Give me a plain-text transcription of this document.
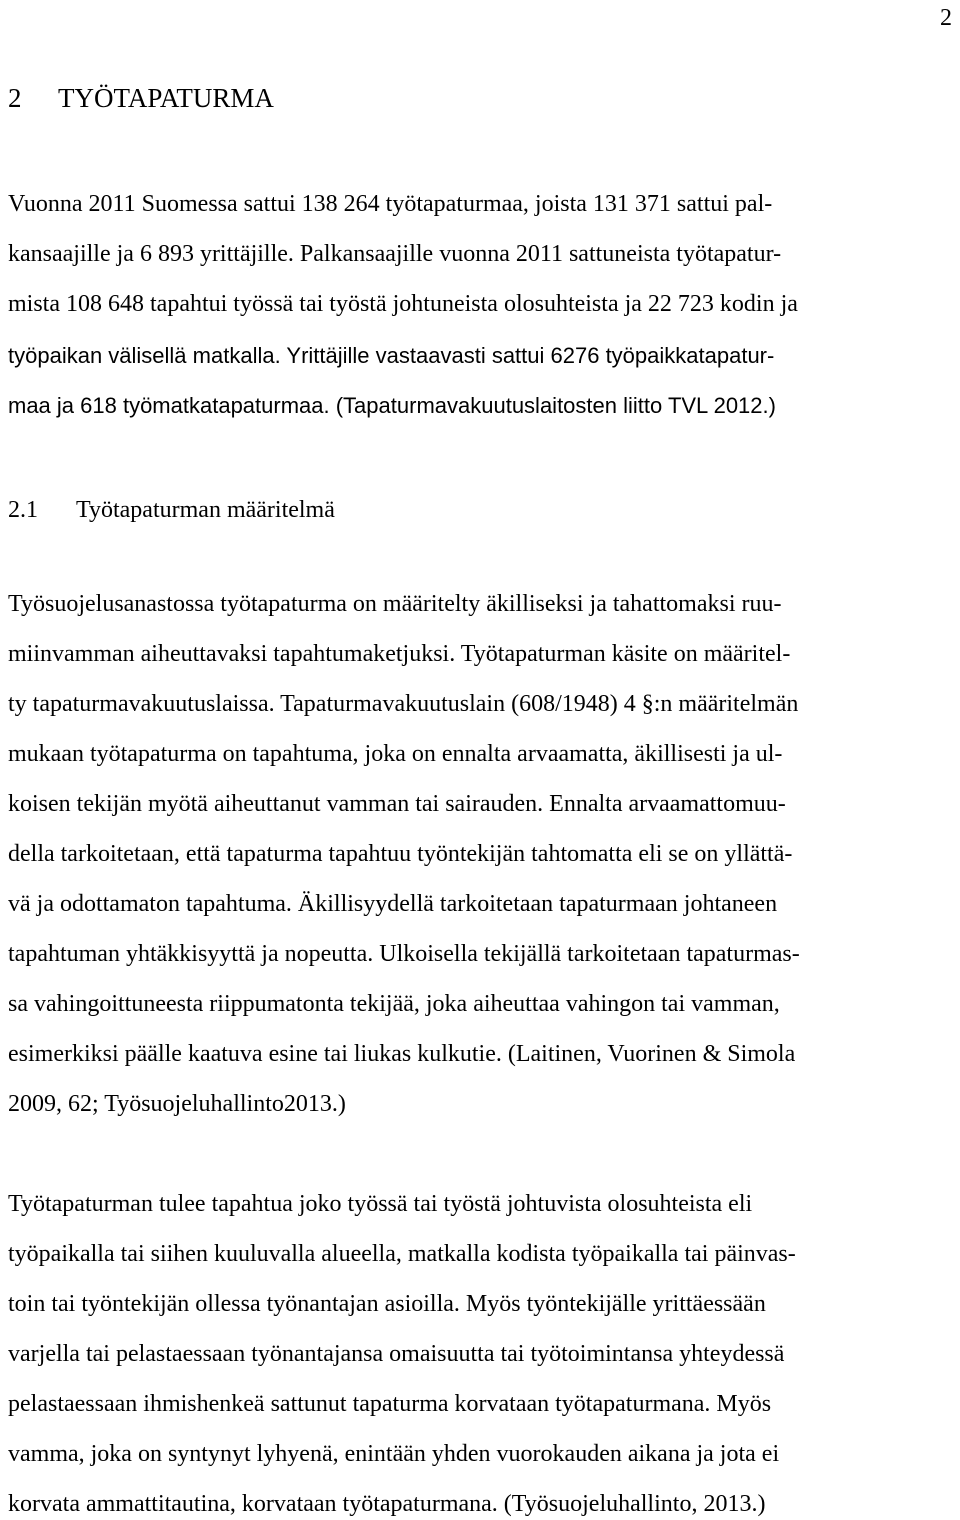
2
2 TYÖTAPATURMA
Vuonna 2011 Suomessa sattui 138 264 työtapaturmaa, joista 131 371 sattui pal-
kansaajille ja 6 893 yrittäjille. Palkansaajille vuonna 2011 sattuneista työtapatur-
mista 108 648 tapahtui työssä tai työstä johtuneista olosuhteista ja 22 723 kodin ja
työpaikan välisellä matkalla. Yrittäjille vastaavasti sattui 6276 työpaikkatapatur-
maa ja 618 työmatkatapaturmaa. (Tapaturmavakuutuslaitosten liitto TVL 2012.)
2.1 Työtapaturman määritelmä
Työsuojelusanastossa työtapaturma on määritelty äkilliseksi ja tahattomaksi ruu-
miinvamman aiheuttavaksi tapahtumaketjuksi. Työtapaturman käsite on määritel-
ty tapaturmavakuutuslaissa. Tapaturmavakuutuslain (608/1948) 4 §:n määritelmän
mukaan työtapaturma on tapahtuma, joka on ennalta arvaamatta, äkillisesti ja ul-
koisen tekijän myötä aiheuttanut vamman tai sairauden. Ennalta arvaamattomuu-
della tarkoitetaan, että tapaturma tapahtuu työntekijän tahtomatta eli se on yllättä-
vä ja odottamaton tapahtuma. Äkillisyydellä tarkoitetaan tapaturmaan johtaneen
tapahtuman yhtäkkisyyttä ja nopeutta. Ulkoisella tekijällä tarkoitetaan tapaturmas-
sa vahingoittuneesta riippumatonta tekijää, joka aiheuttaa vahingon tai vamman,
esimerkiksi päälle kaatuva esine tai liukas kulkutie. (Laitinen, Vuorinen & Simola
2009, 62; Työsuojeluhallinto2013.)
Työtapaturman tulee tapahtua joko työssä tai työstä johtuvista olosuhteista eli
työpaikalla tai siihen kuuluvalla alueella, matkalla kodista työpaikalla tai päinvas-
toin tai työntekijän ollessa työnantajan asioilla. Myös työntekijälle yrittäessään
varjella tai pelastaessaan työnantajansa omaisuutta tai työtoimintansa yhteydessä
pelastaessaan ihmishenkeä sattunut tapaturma korvataan työtapaturmana. Myös
vamma, joka on syntynyt lyhyenä, enintään yhden vuorokauden aikana ja jota ei
korvata ammattitautina, korvataan työtapaturmana. (Työsuojeluhallinto, 2013.)
